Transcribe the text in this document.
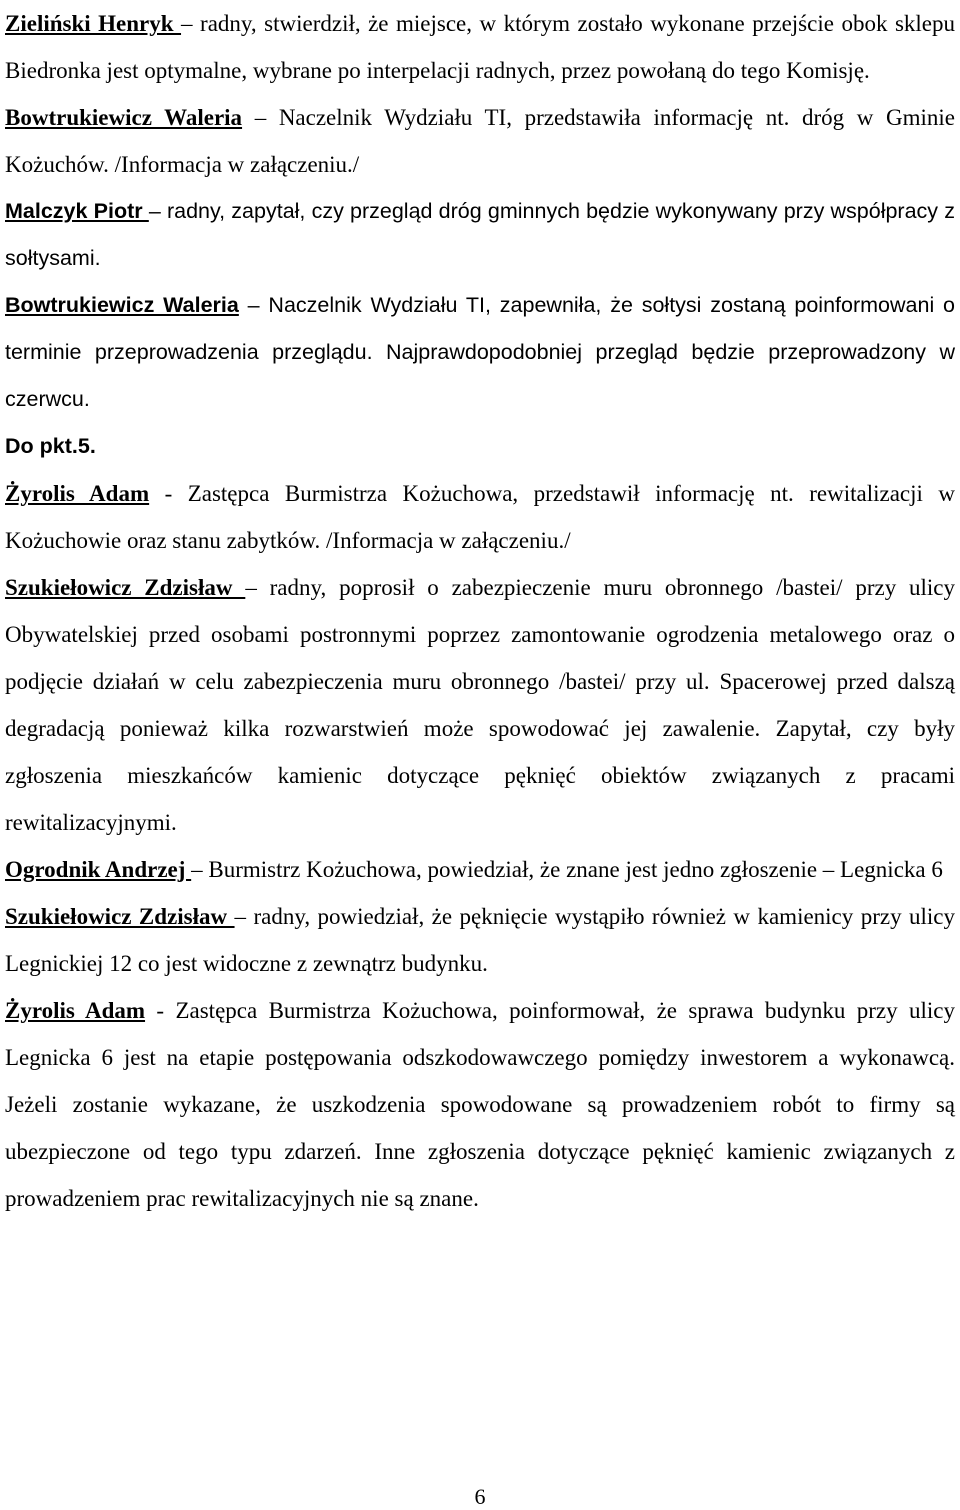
Zieliński Henryk – radny, stwierdził, że miejsce, w którym zostało wykonane przejście obok sklepu Biedronka jest optymalne, wybrane po interpelacji radnych, przez powołaną do tego Komisję.

Bowtrukiewicz Waleria – Naczelnik Wydziału TI, przedstawiła informację nt. dróg w Gminie Kożuchów. /Informacja w załączeniu./

Malczyk Piotr – radny, zapytał, czy przegląd dróg gminnych będzie wykonywany przy współpracy z sołtysami.

Bowtrukiewicz Waleria – Naczelnik Wydziału TI, zapewniła, że sołtysi zostaną poinformowani o terminie przeprowadzenia przeglądu. Najprawdopodobniej przegląd będzie przeprowadzony w czerwcu.

Do pkt.5.

Żyrolis Adam - Zastępca Burmistrza Kożuchowa, przedstawił informację nt. rewitalizacji w Kożuchowie oraz stanu zabytków. /Informacja w załączeniu./

Szukiełowicz Zdzisław – radny, poprosił o zabezpieczenie muru obronnego /bastei/ przy ulicy Obywatelskiej przed osobami postronnymi poprzez zamontowanie ogrodzenia metalowego oraz o podjęcie działań w celu zabezpieczenia muru obronnego /bastei/ przy ul. Spacerowej przed dalszą degradacją ponieważ kilka rozwarstwień może spowodować jej zawalenie. Zapytał, czy były zgłoszenia mieszkańców kamienic dotyczące pęknięć obiektów związanych z pracami rewitalizacyjnymi.

Ogrodnik Andrzej – Burmistrz Kożuchowa, powiedział, że znane jest jedno zgłoszenie – Legnicka 6

Szukiełowicz Zdzisław – radny, powiedział, że pęknięcie wystąpiło również w kamienicy przy ulicy Legnickiej 12 co jest widoczne z zewnątrz budynku.

Żyrolis Adam - Zastępca Burmistrza Kożuchowa, poinformował, że sprawa budynku przy ulicy Legnicka 6 jest na etapie postępowania odszkodowawczego pomiędzy inwestorem a wykonawcą. Jeżeli zostanie wykazane, że uszkodzenia spowodowane są prowadzeniem robót to firmy są ubezpieczone od tego typu zdarzeń. Inne zgłoszenia dotyczące pęknięć kamienic związanych z prowadzeniem prac rewitalizacyjnych nie są znane.

6
